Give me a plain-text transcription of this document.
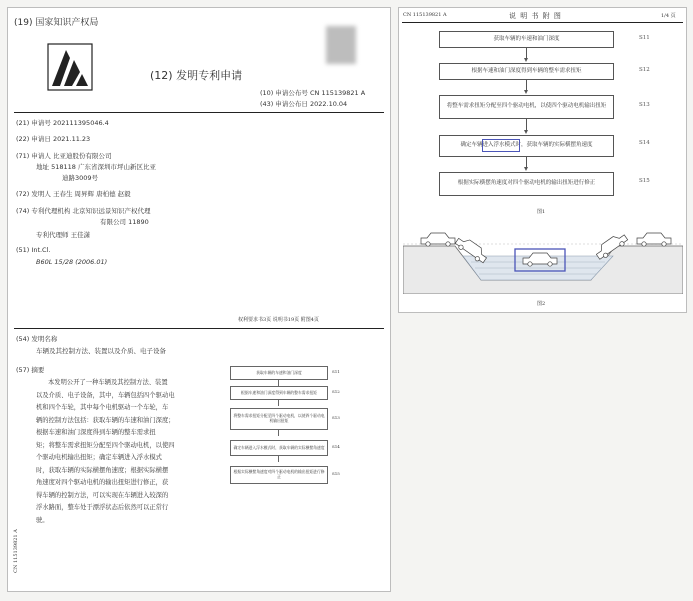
(19) 国家知识产权局
(12) 发明专利申请
(10) 申请公布号 CN 115139821 A
(43) 申请公布日 2022.10.04
(21) 申请号 202111395046.4
(22) 申请日 2021.11.23
(71) 申请人 比亚迪股份有限公司
地址 518118 广东省深圳市坪山新区比亚
迪路3009号
(72) 发明人 王春生 周昇辉 唐柏德 赵毅
(74) 专利代理机构 北京知识远景知识产权代理
有限公司 11890
专利代理师 王佳潇
(51) Int.Cl.
B60L 15/28 (2006.01)
权利要求书3页 说明书19页 附图4页
(54) 发明名称
车辆及其控制方法、装置以及介质、电子设备
(57) 摘要
本发明公开了一种车辆及其控制方法、装置
以及介质、电子设备，其中，车辆包括四个驱动电
机和四个车轮，其中每个电机驱动一个车轮，车
辆的控制方法包括：获取车辆的车速和油门深度；
根据车速和油门深度得到车辆的整车需求扭
矩；将整车需求扭矩分配至四个驱动电机，以使四
个驱动电机输出扭矩；确定车辆进入浮水模式
时，获取车辆的实际横摆角速度；根据实际横摆
角速度对四个驱动电机的输出扭矩进行修正，获
得车辆的控制方法，可以实现在车辆进入较深的
浮水路面，整车处于漂浮状态后依然可以正常行
驶。
CN 115139821 A
获取车辆的车速和油门深度
根据车速和油门深度得到车辆的整车需求扭矩
将整车需求扭矩分配至四个驱动电机，以使四个驱动电机输出扭矩
确定车辆进入浮水模式时，获取车辆的实际横摆角速度
根据实际横摆角速度对四个驱动电机的输出扭矩进行修正
S11
S12
S13
S14
S15
CN 115139821 A	说 明 书 附 图	1/4 页
获取车辆的车速和油门深度
根据车速和油门深度得到车辆的整车需求扭矩
将整车需求扭矩分配至四个驱动电机，以使四个驱动电机输出扭矩
确定车辆进入浮水模式时，获取车辆的实际横摆角速度
根据实际横摆角速度对四个驱动电机的输出扭矩进行修正
S11
S12
S13
S14
S15
图1
图2
